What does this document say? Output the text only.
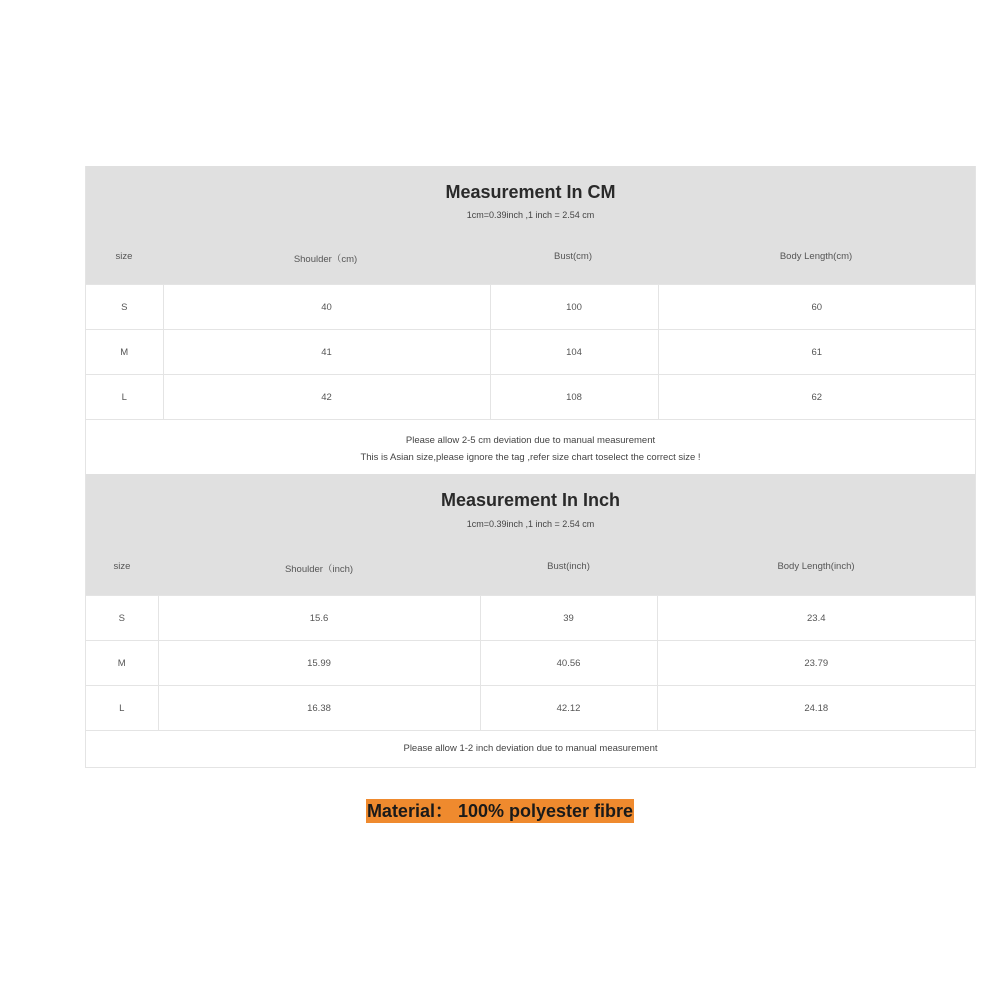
Measurement In CM
1cm=0.39inch ,1 inch = 2.54 cm
size	Shoulder（cm)	Bust(cm)	Body Length(cm)
S	40	100	60
M	41	104	61
L	42	108	62
Please allow 2-5 cm deviation due to manual measurement
This is Asian size,please ignore the tag ,refer size chart toselect the correct size !
Measurement In Inch
1cm=0.39inch ,1 inch = 2.54 cm
size	Shoulder（inch)	Bust(inch)	Body Length(inch)
S	15.6	39	23.4
M	15.99	40.56	23.79
L	16.38	42.12	24.18
Please allow 1-2 inch deviation due to manual measurement
Material： 100% polyester fibre
